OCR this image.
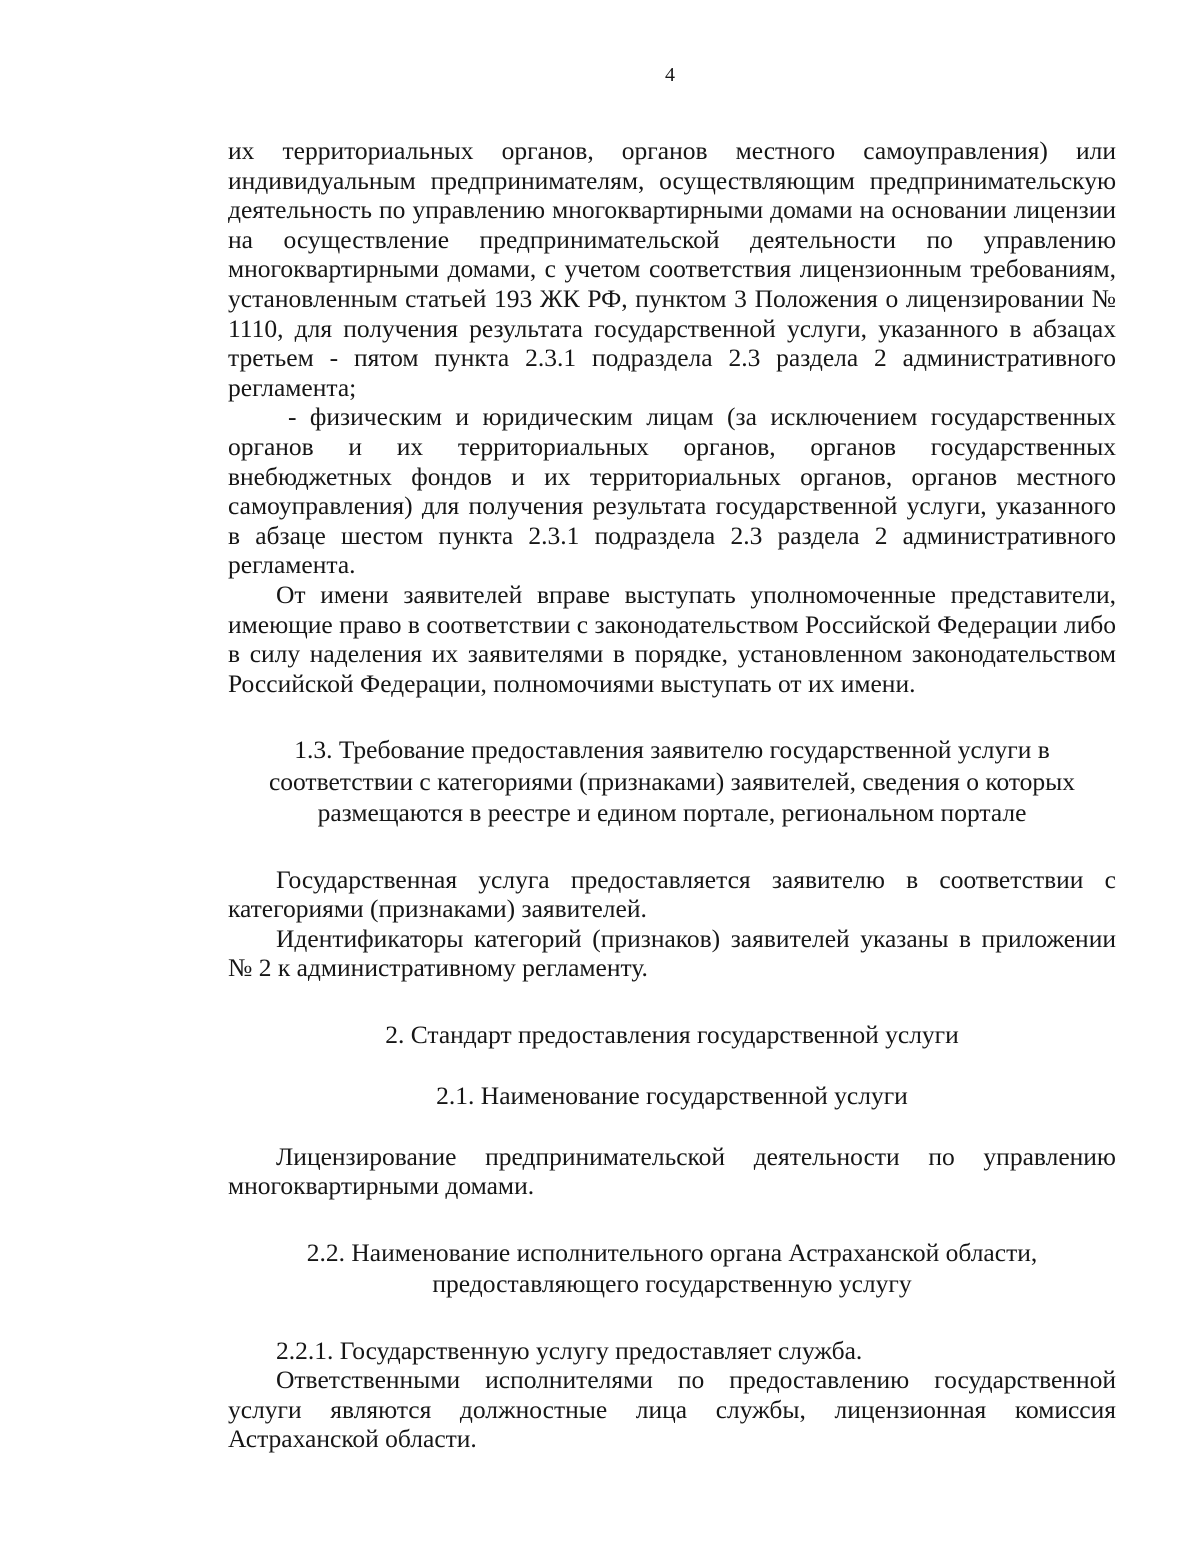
4

их территориальных органов, органов местного самоуправления) или индивидуальным предпринимателям, осуществляющим предпринимательскую деятельность по управлению многоквартирными домами на основании лицензии на осуществление предпринимательской деятельности по управлению многоквартирными домами, с учетом соответствия лицензионным требованиям, установленным статьей 193 ЖК РФ, пунктом 3 Положения о лицензировании № 1110, для получения результата государственной услуги, указанного в абзацах третьем - пятом пункта 2.3.1 подраздела 2.3 раздела 2 административного регламента;

- физическим и юридическим лицам (за исключением государственных органов и их территориальных органов, органов государственных внебюджетных фондов и их территориальных органов, органов местного самоуправления) для получения результата государственной услуги, указанного в абзаце шестом пункта 2.3.1 подраздела 2.3 раздела 2 административного регламента.

От имени заявителей вправе выступать уполномоченные представители, имеющие право в соответствии с законодательством Российской Федерации либо в силу наделения их заявителями в порядке, установленном законодательством Российской Федерации, полномочиями выступать от их имени.

1.3. Требование предоставления заявителю государственной услуги в

соответствии с категориями (признаками) заявителей, сведения о которых

размещаются в реестре и едином портале, региональном портале

Государственная услуга предоставляется заявителю в соответствии с категориями (признаками) заявителей.

Идентификаторы категорий (признаков) заявителей указаны в приложении № 2 к административному регламенту.

2. Стандарт предоставления государственной услуги

2.1. Наименование государственной услуги

Лицензирование предпринимательской деятельности по управлению многоквартирными домами.

2.2. Наименование исполнительного органа Астраханской области,

предоставляющего государственную услугу

2.2.1. Государственную услугу предоставляет служба.

Ответственными исполнителями по предоставлению государственной услуги являются должностные лица службы, лицензионная комиссия Астраханской области.
